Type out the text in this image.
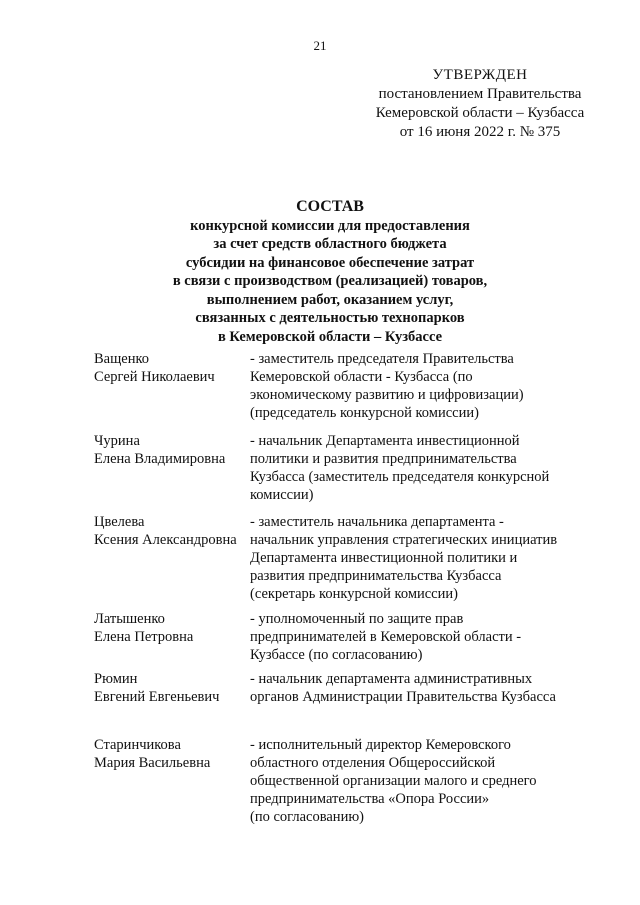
21
УТВЕРЖДЕН
постановлением Правительства
Кемеровской области – Кузбасса
от 16 июня 2022 г. № 375
СОСТАВ
конкурсной комиссии для предоставления
за счет средств областного бюджета
субсидии на финансовое обеспечение затрат
в связи с производством (реализацией) товаров,
выполнением работ, оказанием услуг,
связанных с деятельностью технопарков
в Кемеровской области – Кузбассе
Ващенко
Сергей Николаевич
- заместитель председателя Правительства
Кемеровской области - Кузбасса (по
экономическому развитию и цифровизации)
(председатель конкурсной комиссии)
Чурина
Елена Владимировна
- начальник Департамента инвестиционной
политики и развития предпринимательства
Кузбасса (заместитель председателя конкурсной
комиссии)
Цвелева
Ксения Александровна
- заместитель начальника департамента -
начальник управления стратегических инициатив
Департамента инвестиционной политики и
развития предпринимательства Кузбасса
(секретарь конкурсной комиссии)
Латышенко
Елена Петровна
- уполномоченный по защите прав
предпринимателей в Кемеровской области -
Кузбассе (по согласованию)
Рюмин
Евгений Евгеньевич
- начальник департамента административных
органов Администрации Правительства Кузбасса
Старинчикова
Мария Васильевна
- исполнительный директор Кемеровского
областного отделения Общероссийской
общественной организации малого и среднего
предпринимательства «Опора России»
(по согласованию)
